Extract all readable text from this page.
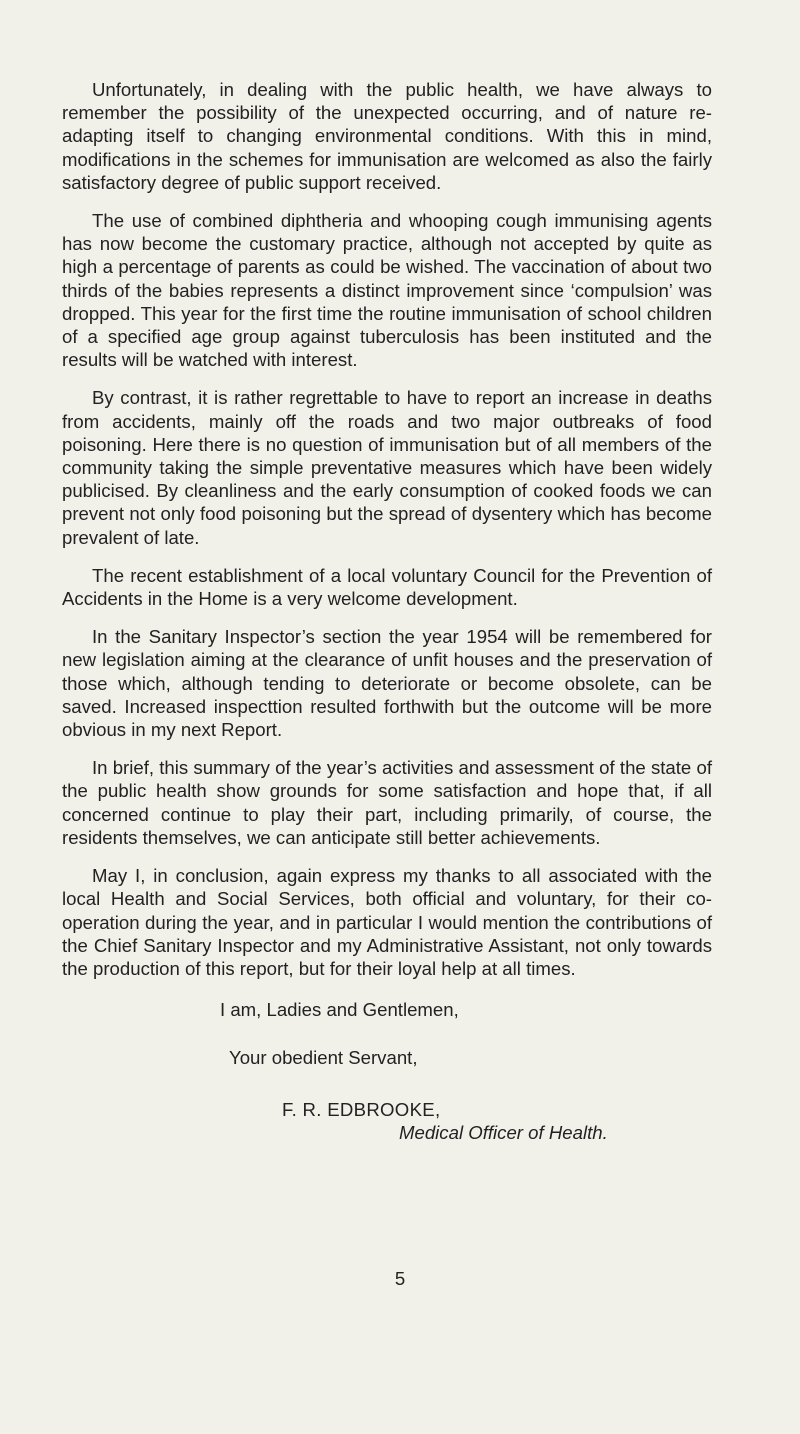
Unfortunately, in dealing with the public health, we have always to remember the possibility of the unexpected occurring, and of nature re-adapting itself to changing environmental conditions. With this in mind, modifications in the schemes for immunisation are welcomed as also the fairly satisfactory degree of public support received.

The use of combined diphtheria and whooping cough immunising agents has now become the customary practice, although not accepted by quite as high a percentage of parents as could be wished. The vaccination of about two thirds of the babies represents a distinct improvement since ‘compulsion’ was dropped. This year for the first time the routine immunisation of school children of a specified age group against tuberculosis has been instituted and the results will be watched with interest.

By contrast, it is rather regrettable to have to report an increase in deaths from accidents, mainly off the roads and two major outbreaks of food poisoning. Here there is no question of immunisation but of all members of the community taking the simple preventative measures which have been widely publicised. By cleanliness and the early consumption of cooked foods we can prevent not only food poisoning but the spread of dysentery which has become prevalent of late.

The recent establishment of a local voluntary Council for the Prevention of Accidents in the Home is a very welcome development.

In the Sanitary Inspector’s section the year 1954 will be remembered for new legislation aiming at the clearance of unfit houses and the preservation of those which, although tending to deteriorate or become obsolete, can be saved. Increased inspecttion resulted forthwith but the outcome will be more obvious in my next Report.

In brief, this summary of the year’s activities and assessment of the state of the public health show grounds for some satisfaction and hope that, if all concerned continue to play their part, including primarily, of course, the residents themselves, we can anticipate still better achievements.

May I, in conclusion, again express my thanks to all associated with the local Health and Social Services, both official and voluntary, for their co-operation during the year, and in particular I would mention the contributions of the Chief Sanitary Inspector and my Administrative Assistant, not only towards the production of this report, but for their loyal help at all times.

I am, Ladies and Gentlemen,
Your obedient Servant,
F. R. EDBROOKE,
Medical Officer of Health.
5
